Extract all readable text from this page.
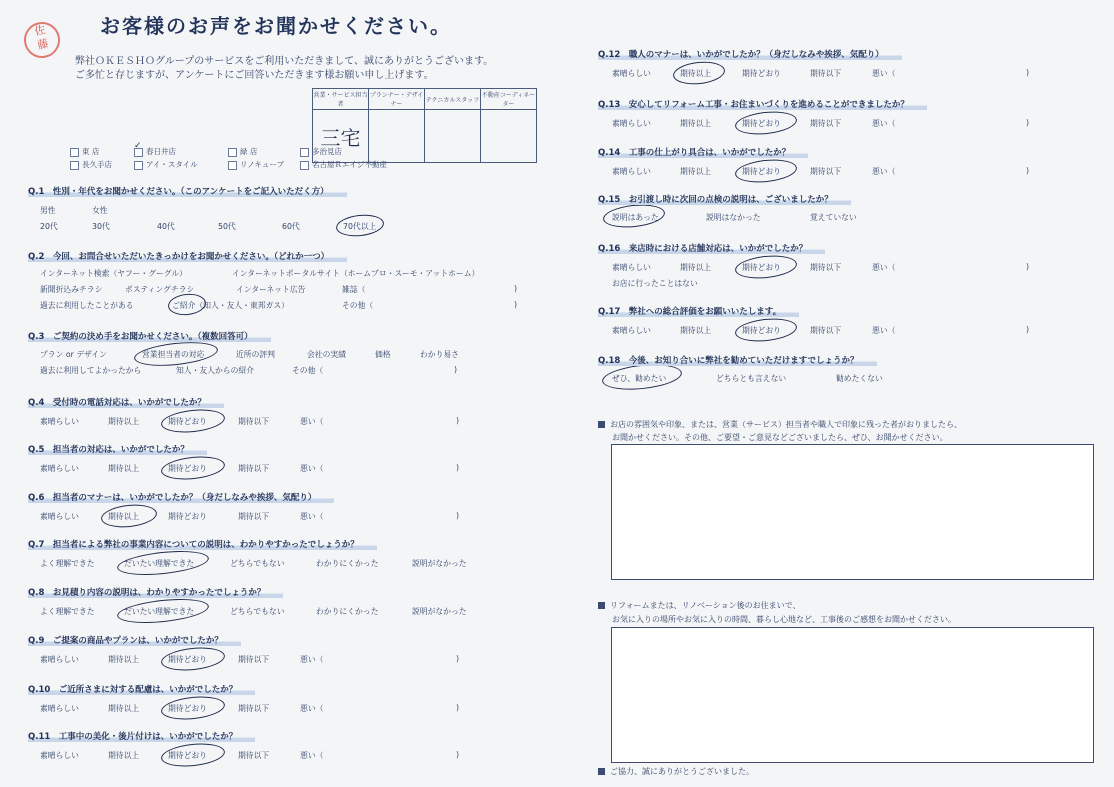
佐
藤
お客様のお声をお聞かせください。
弊社ＯＫＥＳＨＯグループのサービスをご利用いただきまして、誠にありがとうございます。
ご多忙と存じますが、アンケートにご回答いただきます様お願い申し上げます。
営業・サービス担当者	プランナー・デザイナー	テクニカルスタッフ	不動産コーディネーター
三宅			
東 店	春日井店
✓
緑 店	多治見店
長久手店	アイ・スタイル	リノキューブ	名古屋Ｒエイジ不動産
Q.1　性別・年代をお聞かせください。（このアンケートをご記入いただく方）
男性	女性
20代	30代	40代	50代	60代	70代以上
Q.2　今回、お問合せいただいたきっかけをお聞かせください。（どれか一つ）
インターネット検索（ヤフー・グーグル）	インターネットポータルサイト（ホームプロ・スーモ・アットホーム）
新聞折込みチラシ	ポスティングチラシ	インターネット広告	雑誌（	)
過去に利用したことがある	ご紹介（知人・友人・東邦ガス）	その他（	)
Q.3　ご契約の決め手をお聞かせください。（複数回答可）
プラン or デザイン	営業担当者の対応	近所の評判	会社の実績	価格	わかり易さ
過去に利用してよかったから	知人・友人からの紹介	その他（	)
説明はあった	説明はなかった	覚えていない
お店に行ったことはない
ぜひ、勧めたい	どちらとも言えない	勧めたくない
お店の雰囲気や印象、または、営業（サービス）担当者や職人で印象に残った者がおりましたら、
お聞かせください。その他、ご要望・ご意見などございましたら、ぜひ、お聞かせください。
リフォームまたは、リノベーション後のお住まいで、
お気に入りの場所やお気に入りの時間、暮らし心地など、工事後のご感想をお聞かせください。
ご協力、誠にありがとうございました。
Q.4　受付時の電話対応は、いかがでしたか？
素晴らしい	期待以上	期待どおり	期待以下	悪い（	)
Q.5　担当者の対応は、いかがでしたか？
素晴らしい	期待以上	期待どおり	期待以下	悪い（	)
Q.6　担当者のマナーは、いかがでしたか？（身だしなみや挨拶、気配り）
素晴らしい	期待以上	期待どおり	期待以下	悪い（	)
Q.7　担当者による弊社の事業内容についての説明は、わかりやすかったでしょうか？
よく理解できた	だいたい理解できた	どちらでもない	わかりにくかった	説明がなかった
Q.8　お見積り内容の説明は、わかりやすかったでしょうか？
よく理解できた	だいたい理解できた	どちらでもない	わかりにくかった	説明がなかった
Q.9　ご提案の商品やプランは、いかがでしたか？
素晴らしい	期待以上	期待どおり	期待以下	悪い（	)
Q.10　ご近所さまに対する配慮は、いかがでしたか？
素晴らしい	期待以上	期待どおり	期待以下	悪い（	)
Q.11　工事中の美化・後片付けは、いかがでしたか？
素晴らしい	期待以上	期待どおり	期待以下	悪い（	)
Q.12　職人のマナーは、いかがでしたか？（身だしなみや挨拶、気配り）
素晴らしい	期待以上	期待どおり	期待以下	悪い（	)
Q.13　安心してリフォーム工事・お住まいづくりを進めることができましたか？
素晴らしい	期待以上	期待どおり	期待以下	悪い（	)
Q.14　工事の仕上がり具合は、いかがでしたか？
素晴らしい	期待以上	期待どおり	期待以下	悪い（	)
Q.15　お引渡し時に次回の点検の説明は、ございましたか？
Q.16　来店時における店舗対応は、いかがでしたか？
素晴らしい	期待以上	期待どおり	期待以下	悪い（	)
Q.17　弊社への総合評価をお願いいたします。
素晴らしい	期待以上	期待どおり	期待以下	悪い（	)
Q.18　今後、お知り合いに弊社を勧めていただけますでしょうか？
